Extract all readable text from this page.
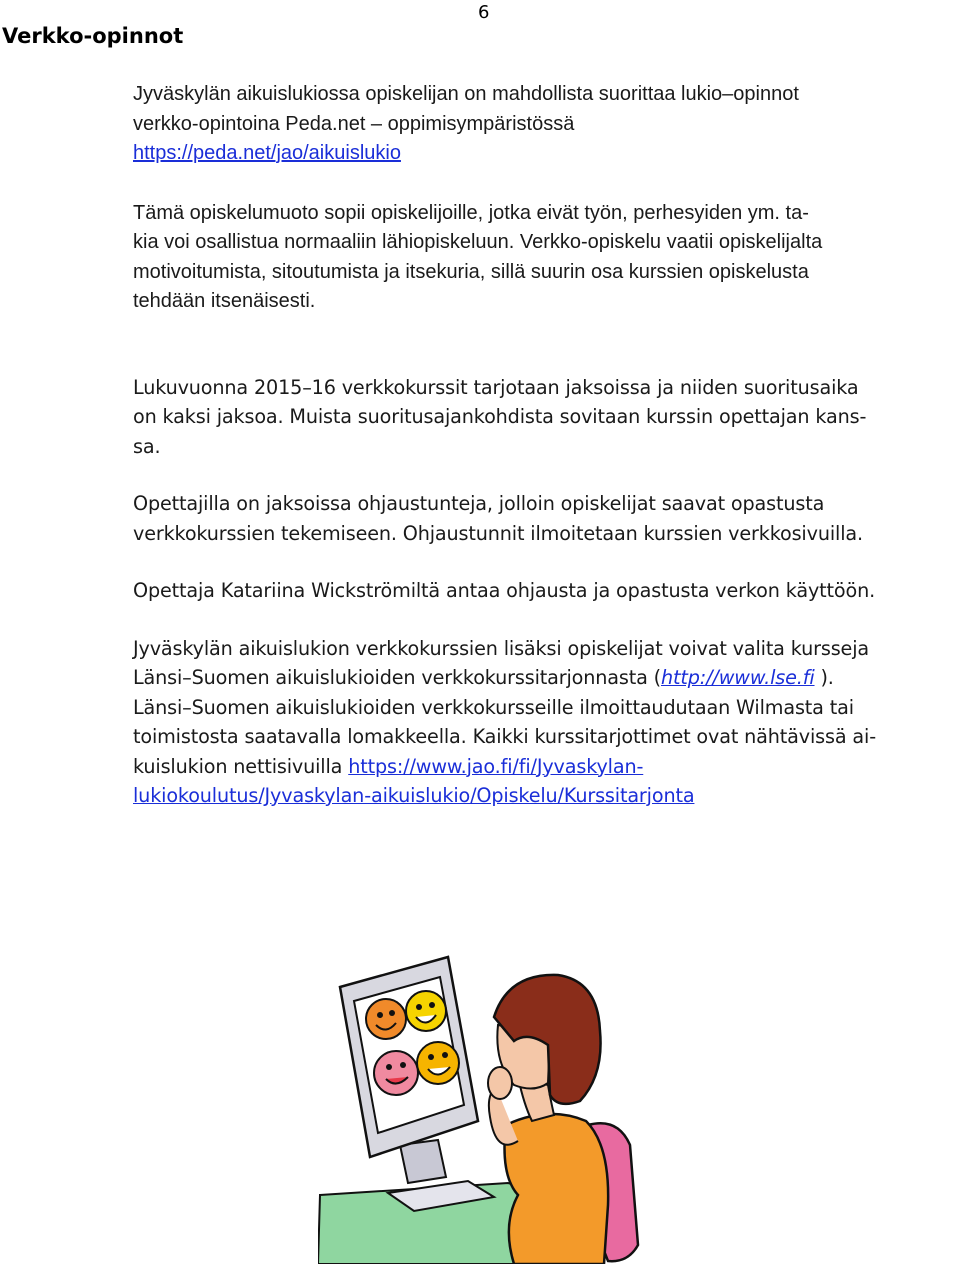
6
Verkko-opinnot
Jyväskylän aikuislukiossa opiskelijan on mahdollista suorittaa lukio–opinnot
verkko-opintoina Peda.net – oppimisympäristössä
https://peda.net/jao/aikuislukio
Tämä opiskelumuoto sopii opiskelijoille, jotka eivät työn, perhesyiden ym. ta-
kia voi osallistua normaaliin lähiopiskeluun. Verkko-opiskelu vaatii opiskelijalta
motivoitumista, sitoutumista ja itsekuria, sillä suurin osa kurssien opiskelusta
tehdään itsenäisesti.
Lukuvuonna 2015–16 verkkokurssit tarjotaan jaksoissa ja niiden suoritusaika
on kaksi jaksoa. Muista suoritusajankohdista sovitaan kurssin opettajan kans-
sa.
Opettajilla on jaksoissa ohjaustunteja, jolloin opiskelijat saavat opastusta
verkkokurssien tekemiseen. Ohjaustunnit ilmoitetaan kurssien verkkosivuilla.
Opettaja Katariina Wickströmiltä antaa ohjausta ja opastusta verkon käyttöön.
Jyväskylän aikuislukion verkkokurssien lisäksi opiskelijat voivat valita kursseja
Länsi–Suomen aikuislukioiden verkkokurssitarjonnasta (http://www.lse.fi ).
Länsi–Suomen aikuislukioiden verkkokursseille ilmoittaudutaan Wilmasta tai
toimistosta saatavalla lomakkeella. Kaikki kurssitarjottimet ovat nähtävissä ai-
kuislukion nettisivuilla https://www.jao.fi/fi/Jyvaskylan-
lukiokoulutus/Jyvaskylan-aikuislukio/Opiskelu/Kurssitarjonta
